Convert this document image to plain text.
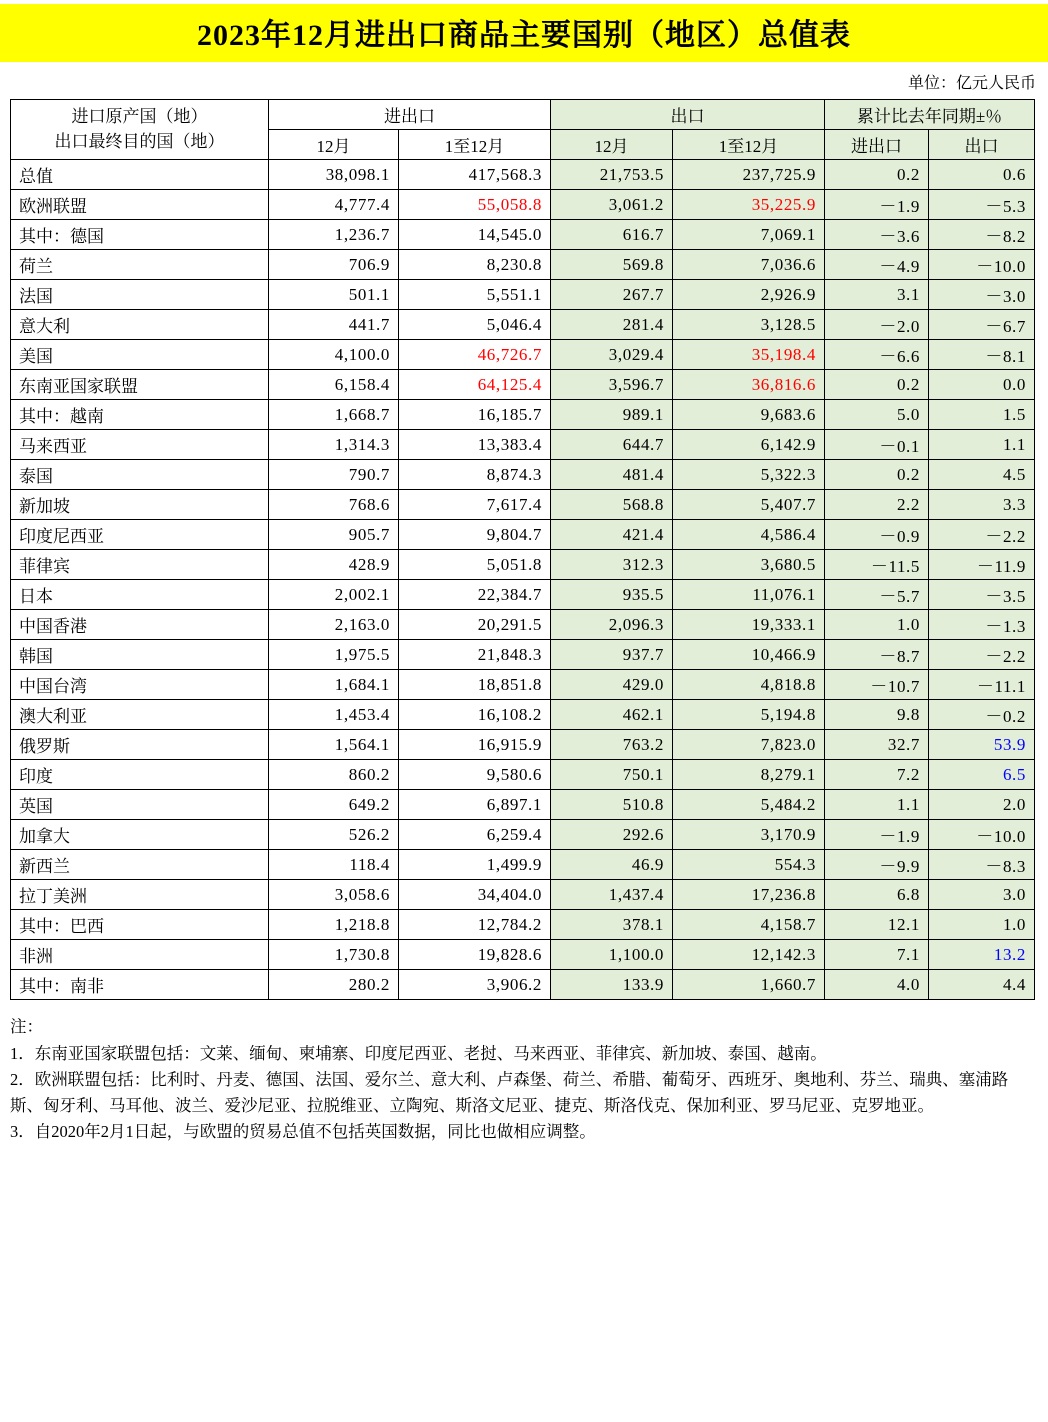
2023年12月进出口商品主要国别（地区）总值表
单位：亿元人民币
进口原产国（地）
出口最终目的国（地）	进出口		出口		累计比去年同期±％	
	12月	1至12月	12月	1至12月	进出口	出口
总值	38,098.1	417,568.3	21,753.5	237,725.9	0.2	0.6
欧洲联盟	4,777.4	55,058.8	3,061.2	35,225.9	－1.9	－5.3
其中：德国	1,236.7	14,545.0	616.7	7,069.1	－3.6	－8.2
荷兰	706.9	8,230.8	569.8	7,036.6	－4.9	－10.0
法国	501.1	5,551.1	267.7	2,926.9	3.1	－3.0
意大利	441.7	5,046.4	281.4	3,128.5	－2.0	－6.7
美国	4,100.0	46,726.7	3,029.4	35,198.4	－6.6	－8.1
东南亚国家联盟	6,158.4	64,125.4	3,596.7	36,816.6	0.2	0.0
其中：越南	1,668.7	16,185.7	989.1	9,683.6	5.0	1.5
马来西亚	1,314.3	13,383.4	644.7	6,142.9	－0.1	1.1
泰国	790.7	8,874.3	481.4	5,322.3	0.2	4.5
新加坡	768.6	7,617.4	568.8	5,407.7	2.2	3.3
印度尼西亚	905.7	9,804.7	421.4	4,586.4	－0.9	－2.2
菲律宾	428.9	5,051.8	312.3	3,680.5	－11.5	－11.9
日本	2,002.1	22,384.7	935.5	11,076.1	－5.7	－3.5
中国香港	2,163.0	20,291.5	2,096.3	19,333.1	1.0	－1.3
韩国	1,975.5	21,848.3	937.7	10,466.9	－8.7	－2.2
中国台湾	1,684.1	18,851.8	429.0	4,818.8	－10.7	－11.1
澳大利亚	1,453.4	16,108.2	462.1	5,194.8	9.8	－0.2
俄罗斯	1,564.1	16,915.9	763.2	7,823.0	32.7	53.9
印度	860.2	9,580.6	750.1	8,279.1	7.2	6.5
英国	649.2	6,897.1	510.8	5,484.2	1.1	2.0
加拿大	526.2	6,259.4	292.6	3,170.9	－1.9	－10.0
新西兰	118.4	1,499.9	46.9	554.3	－9.9	－8.3
拉丁美洲	3,058.6	34,404.0	1,437.4	17,236.8	6.8	3.0
其中：巴西	1,218.8	12,784.2	378.1	4,158.7	12.1	1.0
非洲	1,730.8	19,828.6	1,100.0	12,142.3	7.1	13.2
其中：南非	280.2	3,906.2	133.9	1,660.7	4.0	4.4
注：
1．东南亚国家联盟包括：文莱、缅甸、柬埔寨、印度尼西亚、老挝、马来西亚、菲律宾、新加坡、泰国、越南。
2．欧洲联盟包括：比利时、丹麦、德国、法国、爱尔兰、意大利、卢森堡、荷兰、希腊、葡萄牙、西班牙、奥地利、芬兰、瑞典、塞浦路斯、匈牙利、马耳他、波兰、爱沙尼亚、拉脱维亚、立陶宛、斯洛文尼亚、捷克、斯洛伐克、保加利亚、罗马尼亚、克罗地亚。
3．自2020年2月1日起，与欧盟的贸易总值不包括英国数据，同比也做相应调整。
